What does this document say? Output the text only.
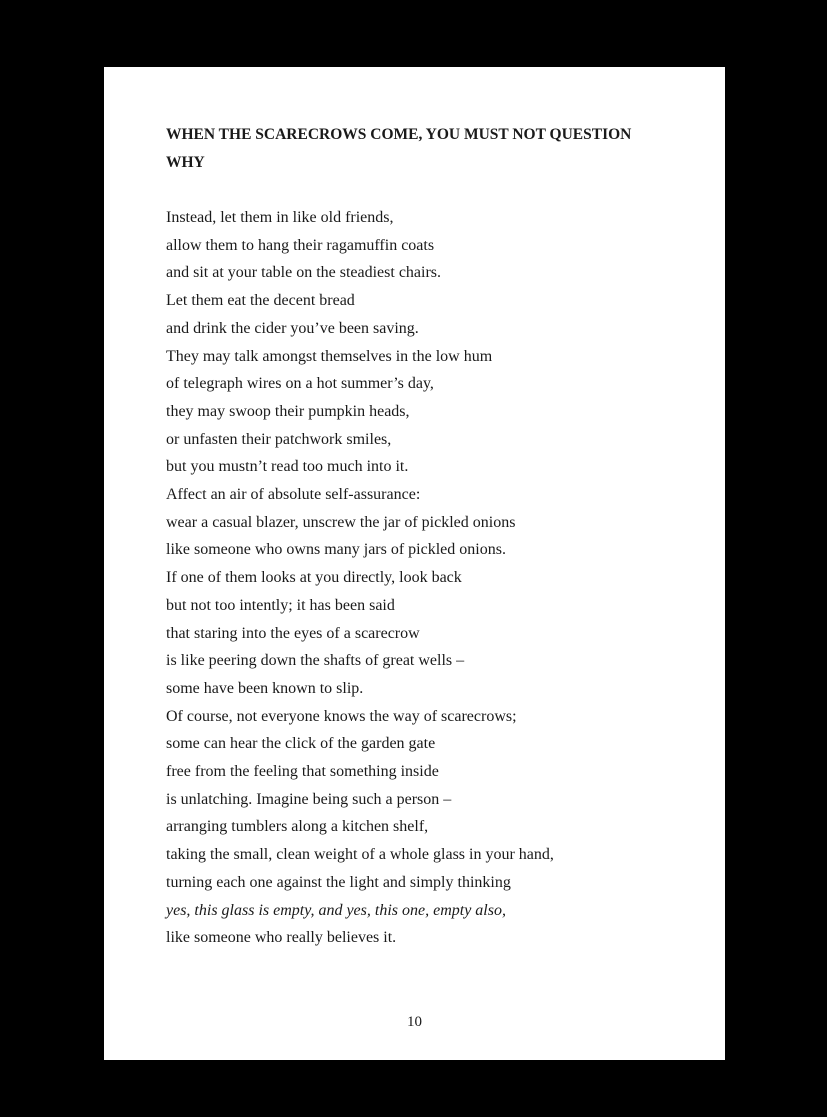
WHEN THE SCARECROWS COME, YOU MUST NOT QUESTION WHY
Instead, let them in like old friends,
allow them to hang their ragamuffin coats
and sit at your table on the steadiest chairs.
Let them eat the decent bread
and drink the cider you’ve been saving.
They may talk amongst themselves in the low hum
of telegraph wires on a hot summer’s day,
they may swoop their pumpkin heads,
or unfasten their patchwork smiles,
but you mustn’t read too much into it.
Affect an air of absolute self-assurance:
wear a casual blazer, unscrew the jar of pickled onions
like someone who owns many jars of pickled onions.
If one of them looks at you directly, look back
but not too intently; it has been said
that staring into the eyes of a scarecrow
is like peering down the shafts of great wells –
some have been known to slip.
Of course, not everyone knows the way of scarecrows;
some can hear the click of the garden gate
free from the feeling that something inside
is unlatching. Imagine being such a person –
arranging tumblers along a kitchen shelf,
taking the small, clean weight of a whole glass in your hand,
turning each one against the light and simply thinking
yes, this glass is empty, and yes, this one, empty also,
like someone who really believes it.
10
